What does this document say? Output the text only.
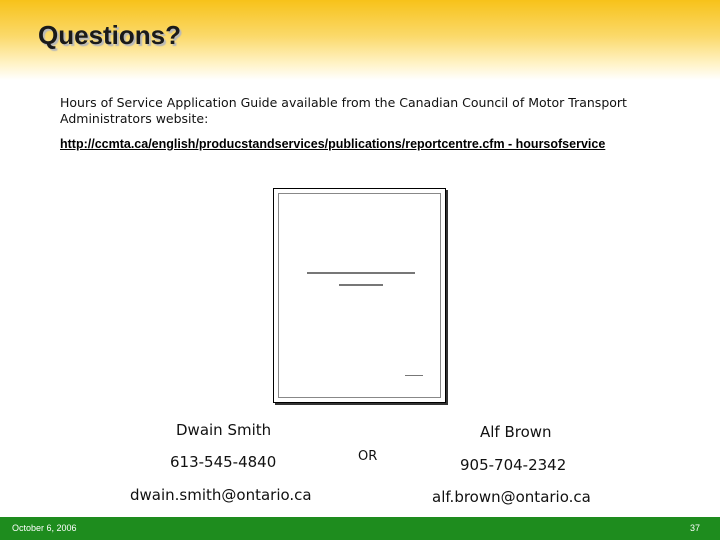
Questions?
Hours of Service Application Guide available from the Canadian Council of Motor Transport Administrators website:
http://ccmta.ca/english/producstandservices/publications/reportcentre.cfm - hoursofservice
Dwain Smith
613-545-4840
dwain.smith@ontario.ca
OR
Alf Brown
905-704-2342
alf.brown@ontario.ca
October 6, 2006	37
